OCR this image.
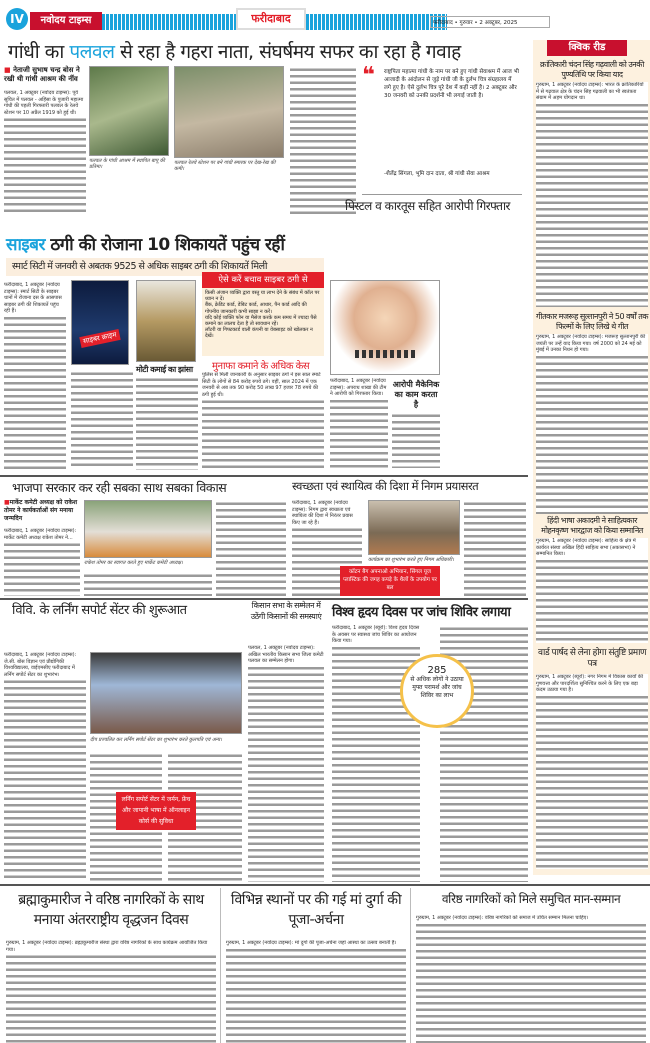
IV	नवोदय टाइम्स	फरीदाबाद	फरीदाबाद • गुरुवार • 2 अक्टूबर, 2025
गांधी का पलवल से रहा है गहरा नाता, संघर्षमय सफर का रहा है गवाह	क्विक रीड
क्रांतिकारी चंदन सिंह गढ़वाली को उनकी पुण्यतिथि पर किया याद
गुरुग्राम, 1 अक्टूबर (नवोदय टाइम्स): भारत के क्रांतिकारियों में से गढ़वाल क्षेत्र के चंदन सिंह गढ़वाली का भी स्वतंत्रता संग्राम में अहम योगदान था।
गीतकार मजरूह सुल्तानपुरी ने 50 वर्षों तक फिल्मों के लिए लिखे थे गीत
गुरुग्राम, 1 अक्टूबर (नवोदय टाइम्स): मजरूह सुल्तानपुरी की जयंती पर उन्हें याद किया गया। वर्ष 2000 को 24 मई को मुंबई में उनका निधन हो गया।
हिंदी भाषा अकादमी ने साहित्यकार मोहनकृष्ण भारद्वाज को किया सम्मानित
गुरुग्राम, 1 अक्टूबर (नवोदय टाइम्स): साहित्य के क्षेत्र में कार्यरत संस्था अखिल हिंदी साहित्य सभा (अकासभा) ने सम्मानित किया।
वार्ड पार्षद से लेना होगा संतुष्टि प्रमाण पत्र
गुरुग्राम, 1 अक्टूबर (ब्यूरो): नगर निगम में विकास कार्यों की गुणवत्ता और पारदर्शिता सुनिश्चित करने के लिए एक बड़ा कदम उठाया गया है।
■ नेताजी सुभाष चन्द्र बोस ने रखी थी गांधी आश्रम की नींव
पलवल, 1 अक्टूबर (नवोदय टाइम्स): पूर्व सूचित में पलवल - अहिंसा के पुजारी महात्मा गांधी की पहली गिरफ्तारी पलवल के रेलवे स्टेशन पर 10 अप्रैल 1919 को हुई थी।
पलवल के गांधी आश्रम में स्थापित बापू की प्रतिमा।
पलवल रेलवे स्टेशन पर बने गांधी स्मारक पर देख-रेख की कमी।
❝ राष्ट्रपिता महात्मा गांधी के नाम पर बने हुए गांधी सेवाश्रम में आज भी आजादी के आंदोलन से जुड़े गांधी जी के दुर्लभ चित्र संग्रहालय में लगे हुए है। ऐसे दुर्लभ चित्र पूरे देश में कहीं नहीं है। 2 अक्टूबर और 30 जनवरी को उनकी प्रदर्शनी भी लगाई जाती है।
-शैलेंद्र सिंगला, भूमि दान दाता, श्री गांधी सेवा आश्रम
पिस्टल व कारतूस सहित आरोपी गिरफ्तार
आरोपी मैकेनिक का काम करता है
फरीदाबाद, 1 अक्टूबर (नवोदय टाइम्स): अपराध शाखा की टीम ने आरोपी को गिरफ्तार किया।
साइबर ठगी की रोजाना 10 शिकायतें पहुंच रहीं
स्मार्ट सिटी में जनवरी से अबतक 9525 से अधिक साइबर ठगी की शिकायतें मिली
फरीदाबाद, 1 अक्टूबर (नवोदय टाइम्स): स्मार्ट सिटी के साइबर थानों में रोजाना दस के आसपास साइबर ठगी की शिकायतें पहुंच रही हैं।
साइबर क्राइम
मोटी कमाई का झांसा
ऐसे करें बचाव साइबर ठगी से
किसी अंजान व्यक्ति द्वारा वस्तु या लाभ देने के संबंध में कॉल पर ध्यान न दें।
बैंक, क्रेडिट कार्ड, डेबिट कार्ड, आधार, पैन कार्ड आदि की गोपनीय जानकारी कभी साझा न करें।
यदि कोई व्यक्ति फोन या मैसेज करके कम समय में ज्यादा पैसे कमाने का लालच देता है तो सावधान रहें।
लॉटरी या गिफ्टकार्ड वाली कंपनी या वेबसाइट को खोलकर न देखें।
मुनाफा कमाने के अधिक केस
पुलिस से मिली जानकारी के अनुसार साइबर ठगों ने इस साल स्मार्ट सिटी के लोगों से 84 करोड़ रुपये ठगे। वहीं, साल 2024 में एक जनवरी से अब तक 90 करोड़ 50 लाख 97 हजार 78 रुपये की ठगी हुई थी।
भाजपा सरकार कर रही सबका साथ सबका विकास
■मार्केट कमेटी अध्यक्ष को राकेश तोमर ने कार्यकर्ताओं संग मनाया जन्मदिन
फरीदाबाद, 1 अक्टूबर (नवोदय टाइम्स): मार्केट कमेटी अध्यक्ष राकेश तोमर ने...
राकेश तोमर का स्वागत करते हुए मार्केट कमेटी अध्यक्ष।
स्वच्छता एवं स्थायित्व की दिशा में निगम प्रयासरत
फरीदाबाद, 1 अक्टूबर (नवोदय टाइम्स): निगम द्वारा स्वच्छता एवं स्थायित्व की दिशा में निरंतर प्रयास किए जा रहे हैं।
कार्यक्रम का शुभारंभ करते हुए निगम अधिकारी।
कॉटन बैग अपनाओ अभियान, सिंगल यूज प्लास्टिक की जगह कपड़े के थैलों के उपयोग पर बल
विवि. के लर्निंग सपोर्ट सेंटर की शुरूआत
फरीदाबाद, 1 अक्टूबर (नवोदय टाइम्स): जे.सी. बोस विज्ञान एवं प्रौद्योगिकी विश्वविद्यालय, वाईएमसीए फरीदाबाद में लर्निंग सपोर्ट सेंटर का शुभारंभ।
दीप प्रज्वलित कर लर्निंग सपोर्ट सेंटर का शुभारंभ करते कुलपति एवं अन्य।
लर्निंग सपोर्ट सेंटर में जर्मन, फ्रेंच और जापानी भाषा में ऑनलाइन कोर्स की सुविधा
किसान सभा के सम्मेलन में उठेंगी किसानों की समस्याएं
पलवल, 1 अक्टूबर (नवोदय टाइम्स): अखिल भारतीय किसान सभा जिला कमेटी पलवल का सम्मेलन होगा।
विश्व हृदय दिवस पर जांच शिविर लगाया
फरीदाबाद, 1 अक्टूबर (ब्यूरो): विश्व हृदय दिवस के अवसर पर स्वास्थ्य जांच शिविर का आयोजन किया गया।
285
से अधिक लोगों ने उठाया मुफ्त परामर्श और जांच शिविर का लाभ
ब्रह्माकुमारीज ने वरिष्ठ नागरिकों के साथ मनाया अंतरराष्ट्रीय वृद्धजन दिवस
गुरुग्राम, 1 अक्टूबर (नवोदय टाइम्स): ब्रह्माकुमारीज संस्था द्वारा वरिष्ठ नागरिकों के साथ कार्यक्रम आयोजित किया गया।
विभिन्न स्थानों पर की गई मां दुर्गा की पूजा-अर्चना
गुरुग्राम, 1 अक्टूबर (नवोदय टाइम्स): मां दुर्गा की पूजा-अर्चना जहां आस्था का उत्सव बनाती है।
वरिष्ठ नागरिकों को मिले समुचित मान-सम्मान
गुरुग्राम, 1 अक्टूबर (नवोदय टाइम्स): वरिष्ठ नागरिकों को समाज में उचित सम्मान मिलना चाहिए।
